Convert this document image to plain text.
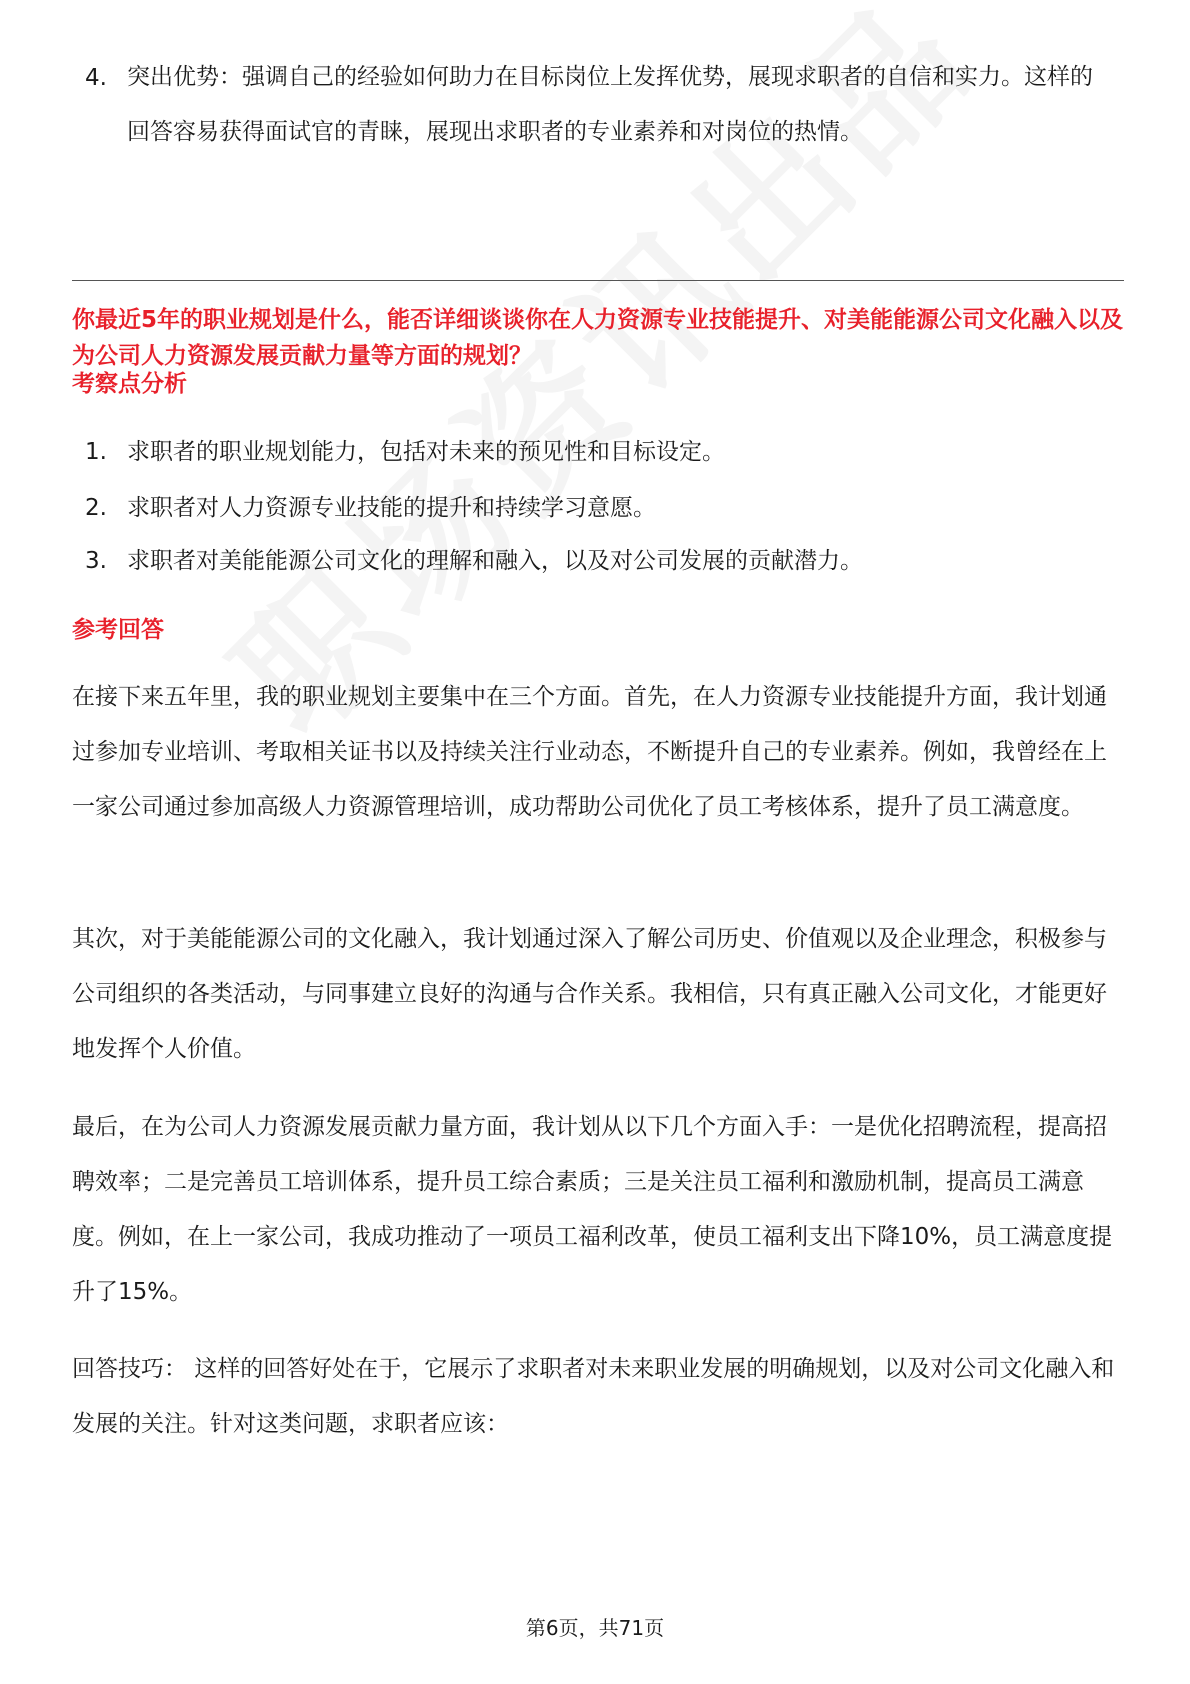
4. 突出优势：强调自己的经验如何助力在目标岗位上发挥优势，展现求职者的自信和实力。这样的回答容易获得面试官的青睐，展现出求职者的专业素养和对岗位的热情。
你最近5年的职业规划是什么，能否详细谈谈你在人力资源专业技能提升、对美能能源公司文化融入以及为公司人力资源发展贡献力量等方面的规划？
考察点分析
1. 求职者的职业规划能力，包括对未来的预见性和目标设定。
2. 求职者对人力资源专业技能的提升和持续学习意愿。
3. 求职者对美能能源公司文化的理解和融入，以及对公司发展的贡献潜力。
参考回答
在接下来五年里，我的职业规划主要集中在三个方面。首先，在人力资源专业技能提升方面，我计划通过参加专业培训、考取相关证书以及持续关注行业动态，不断提升自己的专业素养。例如，我曾经在上一家公司通过参加高级人力资源管理培训，成功帮助公司优化了员工考核体系，提升了员工满意度。
其次，对于美能能源公司的文化融入，我计划通过深入了解公司历史、价值观以及企业理念，积极参与公司组织的各类活动，与同事建立良好的沟通与合作关系。我相信，只有真正融入公司文化，才能更好地发挥个人价值。
最后，在为公司人力资源发展贡献力量方面，我计划从以下几个方面入手：一是优化招聘流程，提高招聘效率；二是完善员工培训体系，提升员工综合素质；三是关注员工福利和激励机制，提高员工满意度。例如，在上一家公司，我成功推动了一项员工福利改革，使员工福利支出下降10%，员工满意度提升了15%。
回答技巧： 这样的回答好处在于，它展示了求职者对未来职业发展的明确规划，以及对公司文化融入和发展的关注。针对这类问题，求职者应该：
第6页，共71页
